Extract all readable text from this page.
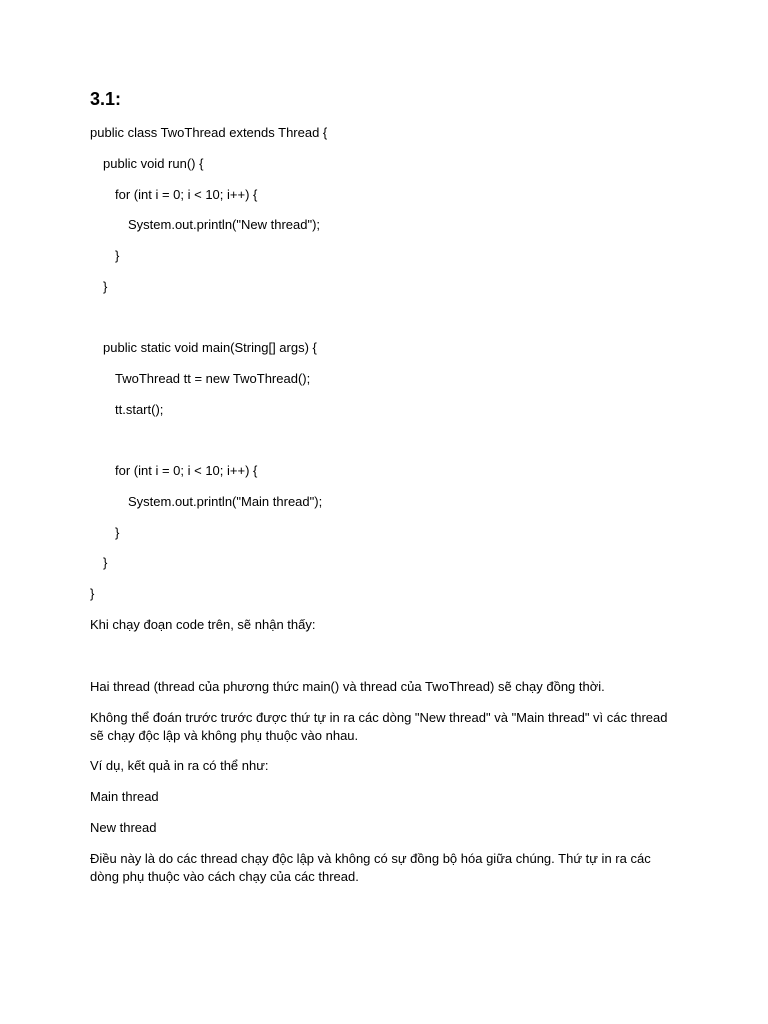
3.1:
public class TwoThread extends Thread {
public void run() {
for (int i = 0; i < 10; i++) {
System.out.println("New thread");
}
}
public static void main(String[] args) {
TwoThread tt = new TwoThread();
tt.start();
for (int i = 0; i < 10; i++) {
System.out.println("Main thread");
}
}
}
Khi chạy đoạn code trên, sẽ nhận thấy:
Hai thread (thread của phương thức main() và thread của TwoThread) sẽ chạy đồng thời.
Không thể đoán trước trước được thứ tự in ra các dòng "New thread" và "Main thread" vì các thread sẽ chạy độc lập và không phụ thuộc vào nhau.
Ví dụ, kết quả in ra có thể như:
Main thread
New thread
Điều này là do các thread chạy độc lập và không có sự đồng bộ hóa giữa chúng. Thứ tự in ra các dòng phụ thuộc vào cách chạy của các thread.
